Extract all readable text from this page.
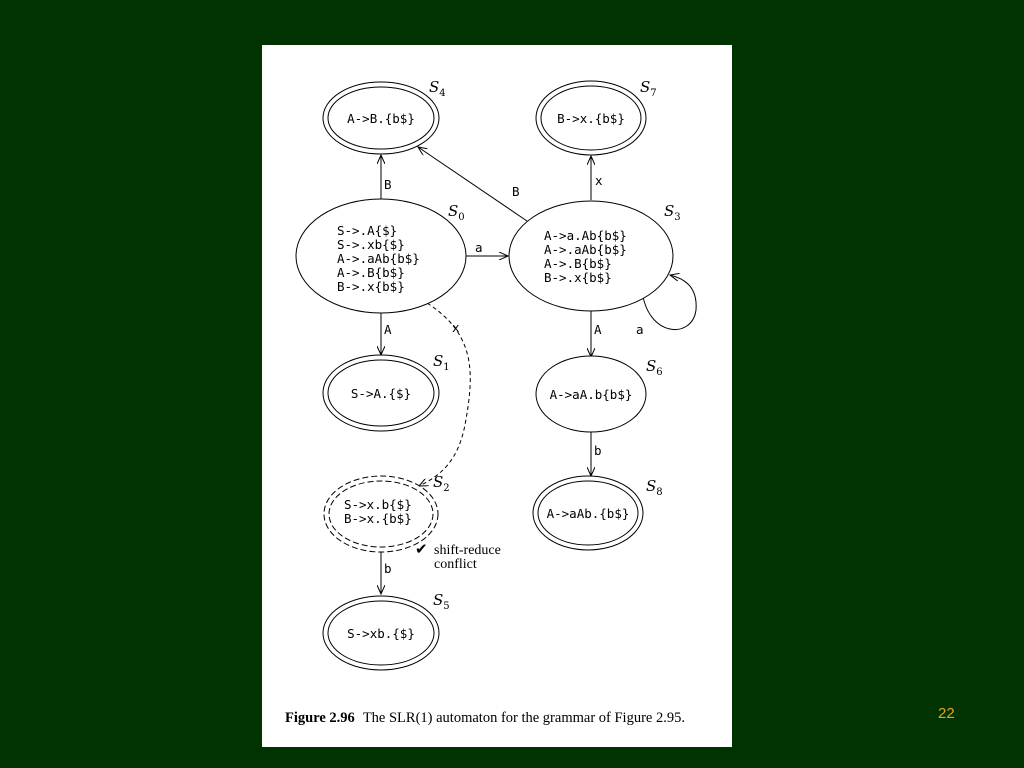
B
a
A	x
B
x
a
A
b
b
A->B.{b$}	B->x.{b$}
S->.A{$}
S->.xb{$}
A->.aAb{b$}
A->.B{b$}
B->.x{b$}
A->a.Ab{b$}
A->.aAb{b$}
A->.B{b$}
B->.x{b$}
S->A.{$}	A->aA.b{b$}
S->x.b{$}
B->x.{b$}	A->aAb.{b$}
S->xb.{$}
$S_4$	$S_7$
$S_0$	$S_3$
$S_1$	$S_6$
$S_2$	$S_8$
$S_5$
✔ shift-reduce
conflict
Figure 2.96 The SLR(1) automaton for the grammar of Figure 2.95.	22
